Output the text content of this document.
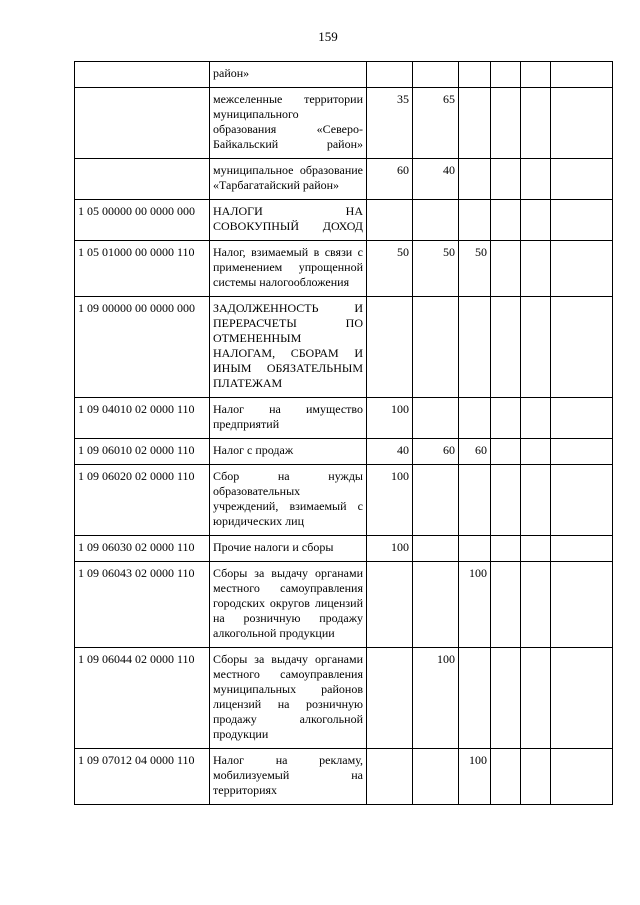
159
	район»						
	межселенные территории муниципального образования «Северо-Байкальский район»	35	65				
	муниципальное образование «Тарбагатайский район»	60	40				
1 05 00000 00 0000 000	НАЛОГИ НА СОВОКУПНЫЙ ДОХОД						
1 05 01000 00 0000 110	Налог, взимаемый в связи с применением упрощенной системы налогообложения	50	50	50			
1 09 00000 00 0000 000	ЗАДОЛЖЕННОСТЬ И ПЕРЕРАСЧЕТЫ ПО ОТМЕНЕННЫМ НАЛОГАМ, СБОРАМ И ИНЫМ ОБЯЗАТЕЛЬНЫМ ПЛАТЕЖАМ						
1 09 04010 02 0000 110	Налог на имущество предприятий	100					
1 09 06010 02 0000 110	Налог с продаж	40	60	60			
1 09 06020 02 0000 110	Сбор на нужды образовательных учреждений, взимаемый с юридических лиц	100					
1 09 06030 02 0000 110	Прочие налоги и сборы	100					
1 09 06043 02 0000 110	Сборы за выдачу органами местного самоуправления городских округов лицензий на розничную продажу алкогольной продукции			100			
1 09 06044 02 0000 110	Сборы за выдачу органами местного самоуправления муниципальных районов лицензий на розничную продажу алкогольной продукции		100				
1 09 07012 04 0000 110	Налог на рекламу, мобилизуемый на территориях			100			
